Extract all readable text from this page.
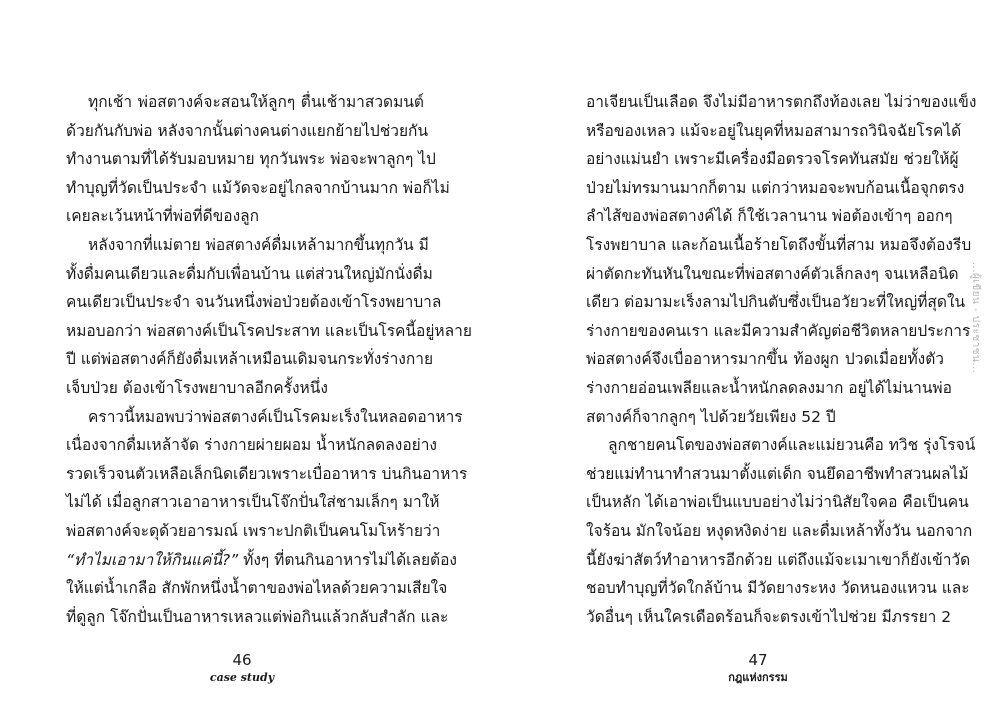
ทุกเช้า พ่อสตางค์จะสอนให้ลูกๆ ตื่นเช้ามาสวดมนต์
ด้วยกันกับพ่อ หลังจากนั้นต่างคนต่างแยกย้ายไปช่วยกัน
ทำงานตามที่ได้รับมอบหมาย ทุกวันพระ พ่อจะพาลูกๆ ไป
ทำบุญที่วัดเป็นประจำ แม้วัดจะอยู่ไกลจากบ้านมาก พ่อก็ไม่
เคยละเว้นหน้าที่พ่อที่ดีของลูก
หลังจากที่แม่ตาย พ่อสตางค์ดื่มเหล้ามากขึ้นทุกวัน มี
ทั้งดื่มคนเดียวและดื่มกับเพื่อนบ้าน แต่ส่วนใหญ่มักนั่งดื่ม
คนเดียวเป็นประจำ จนวันหนึ่งพ่อป่วยต้องเข้าโรงพยาบาล
หมอบอกว่า พ่อสตางค์เป็นโรคประสาท และเป็นโรคนี้อยู่หลาย
ปี แต่พ่อสตางค์ก็ยังดื่มเหล้าเหมือนเดิมจนกระทั่งร่างกาย
เจ็บป่วย ต้องเข้าโรงพยาบาลอีกครั้งหนึ่ง
คราวนี้หมอพบว่าพ่อสตางค์เป็นโรคมะเร็งในหลอดอาหาร
เนื่องจากดื่มเหล้าจัด ร่างกายผ่ายผอม น้ำหนักลดลงอย่าง
รวดเร็วจนตัวเหลือเล็กนิดเดียวเพราะเบื่ออาหาร บ่นกินอาหาร
ไม่ได้ เมื่อลูกสาวเอาอาหารเป็นโจ๊กปั่นใส่ชามเล็กๆ มาให้
พ่อสตางค์จะดุด้วยอารมณ์ เพราะปกติเป็นคนโมโหร้ายว่า
“ทำไมเอามาให้กินแค่นี้?” ทั้งๆ ที่ตนกินอาหารไม่ได้เลยต้อง
ให้แต่น้ำเกลือ สักพักหนึ่งน้ำตาของพ่อไหลด้วยความเสียใจ
ที่ดูลูก โจ๊กปั่นเป็นอาหารเหลวแต่พ่อกินแล้วกลับสำลัก และ
อาเจียนเป็นเลือด จึงไม่มีอาหารตกถึงท้องเลย ไม่ว่าของแข็ง
หรือของเหลว แม้จะอยู่ในยุคที่หมอสามารถวินิจฉัยโรคได้
อย่างแม่นยำ เพราะมีเครื่องมือตรวจโรคทันสมัย ช่วยให้ผู้
ป่วยไม่ทรมานมากก็ตาม แต่กว่าหมอจะพบก้อนเนื้อจุกตรง
ลำไส้ของพ่อสตางค์ได้ ก็ใช้เวลานาน พ่อต้องเข้าๆ ออกๆ
โรงพยาบาล และก้อนเนื้อร้ายโตถึงขั้นที่สาม หมอจึงต้องรีบ
ผ่าตัดกะทันหันในขณะที่พ่อสตางค์ตัวเล็กลงๆ จนเหลือนิด
เดียว ต่อมามะเร็งลามไปกินตับซึ่งเป็นอวัยวะที่ใหญ่ที่สุดใน
ร่างกายของคนเรา และมีความสำคัญต่อชีวิตหลายประการ
พ่อสตางค์จึงเบื่ออาหารมากขึ้น ท้องผูก ปวดเมื่อยทั้งตัว
ร่างกายอ่อนเพลียและน้ำหนักลดลงมาก อยู่ได้ไม่นานพ่อ
สตางค์ก็จากลูกๆ ไปด้วยวัยเพียง 52 ปี
ลูกชายคนโตของพ่อสตางค์และแม่ยวนคือ ทวิช รุ่งโรจน์
ช่วยแม่ทำนาทำสวนมาตั้งแต่เด็ก จนยึดอาชีพทำสวนผลไม้
เป็นหลัก ได้เอาพ่อเป็นแบบอย่างไม่ว่านิสัยใจคอ คือเป็นคน
ใจร้อน มักใจน้อย หงุดหงิดง่าย และดื่มเหล้าทั้งวัน นอกจาก
นี้ยังฆ่าสัตว์ทำอาหารอีกด้วย แต่ถึงแม้จะเมาเขาก็ยังเข้าวัด
ชอบทำบุญที่วัดใกล้บ้าน มีวัดยางระหง วัดหนองแหวน และ
วัดอื่นๆ เห็นใครเดือดร้อนก็จะตรงเข้าไปช่วย มีภรรยา 2
46
case study
47
กฎแห่งกรรม
...ผู้เขียน - ประชาชน...
